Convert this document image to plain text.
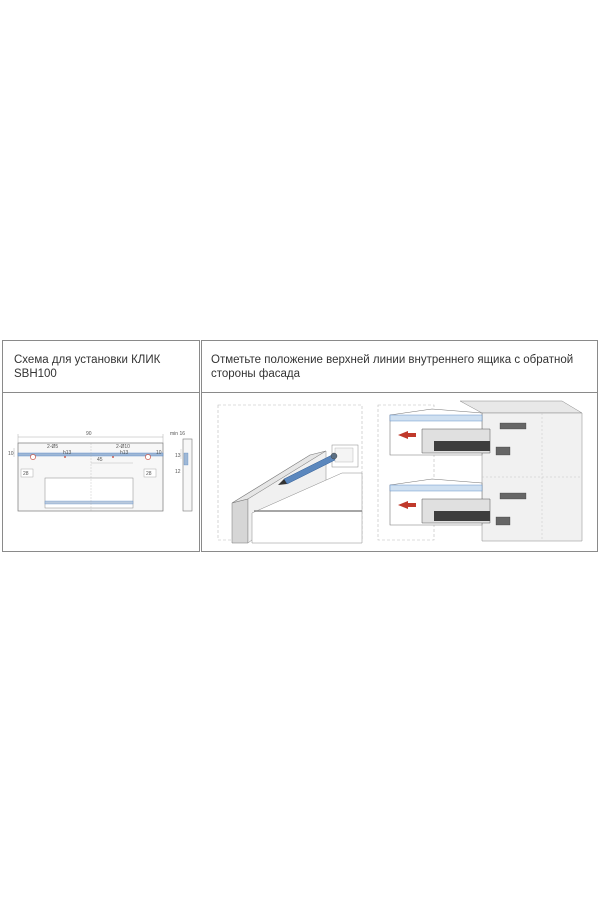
Схема для установки КЛИК SBH100
90
2-Ø5
h13
2-Ø10
h13
45
10
28	28
10
min 16
13
12
Отметьте положение верхней линии внутреннего ящика с обратной стороны фасада
